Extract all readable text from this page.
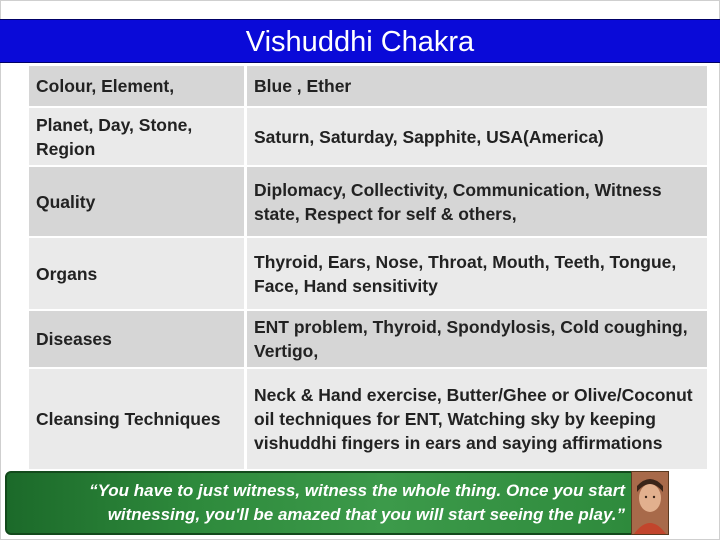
Vishuddhi Chakra
Colour, Element,	Blue , Ether
Planet, Day, Stone, Region
Saturn, Saturday, Sapphite, USA(America)
Quality
Diplomacy, Collectivity, Communication, Witness state, Respect for self & others,
Organs
Thyroid, Ears, Nose, Throat, Mouth, Teeth, Tongue, Face, Hand sensitivity
Diseases
ENT problem, Thyroid, Spondylosis, Cold coughing, Vertigo,
Cleansing Techniques
Neck & Hand exercise, Butter/Ghee or Olive/Coconut oil techniques for ENT, Watching sky by keeping vishuddhi fingers in ears and saying affirmations
“You have to just witness, witness the whole thing. Once you start witnessing, you'll be amazed that you will start seeing the play.”
